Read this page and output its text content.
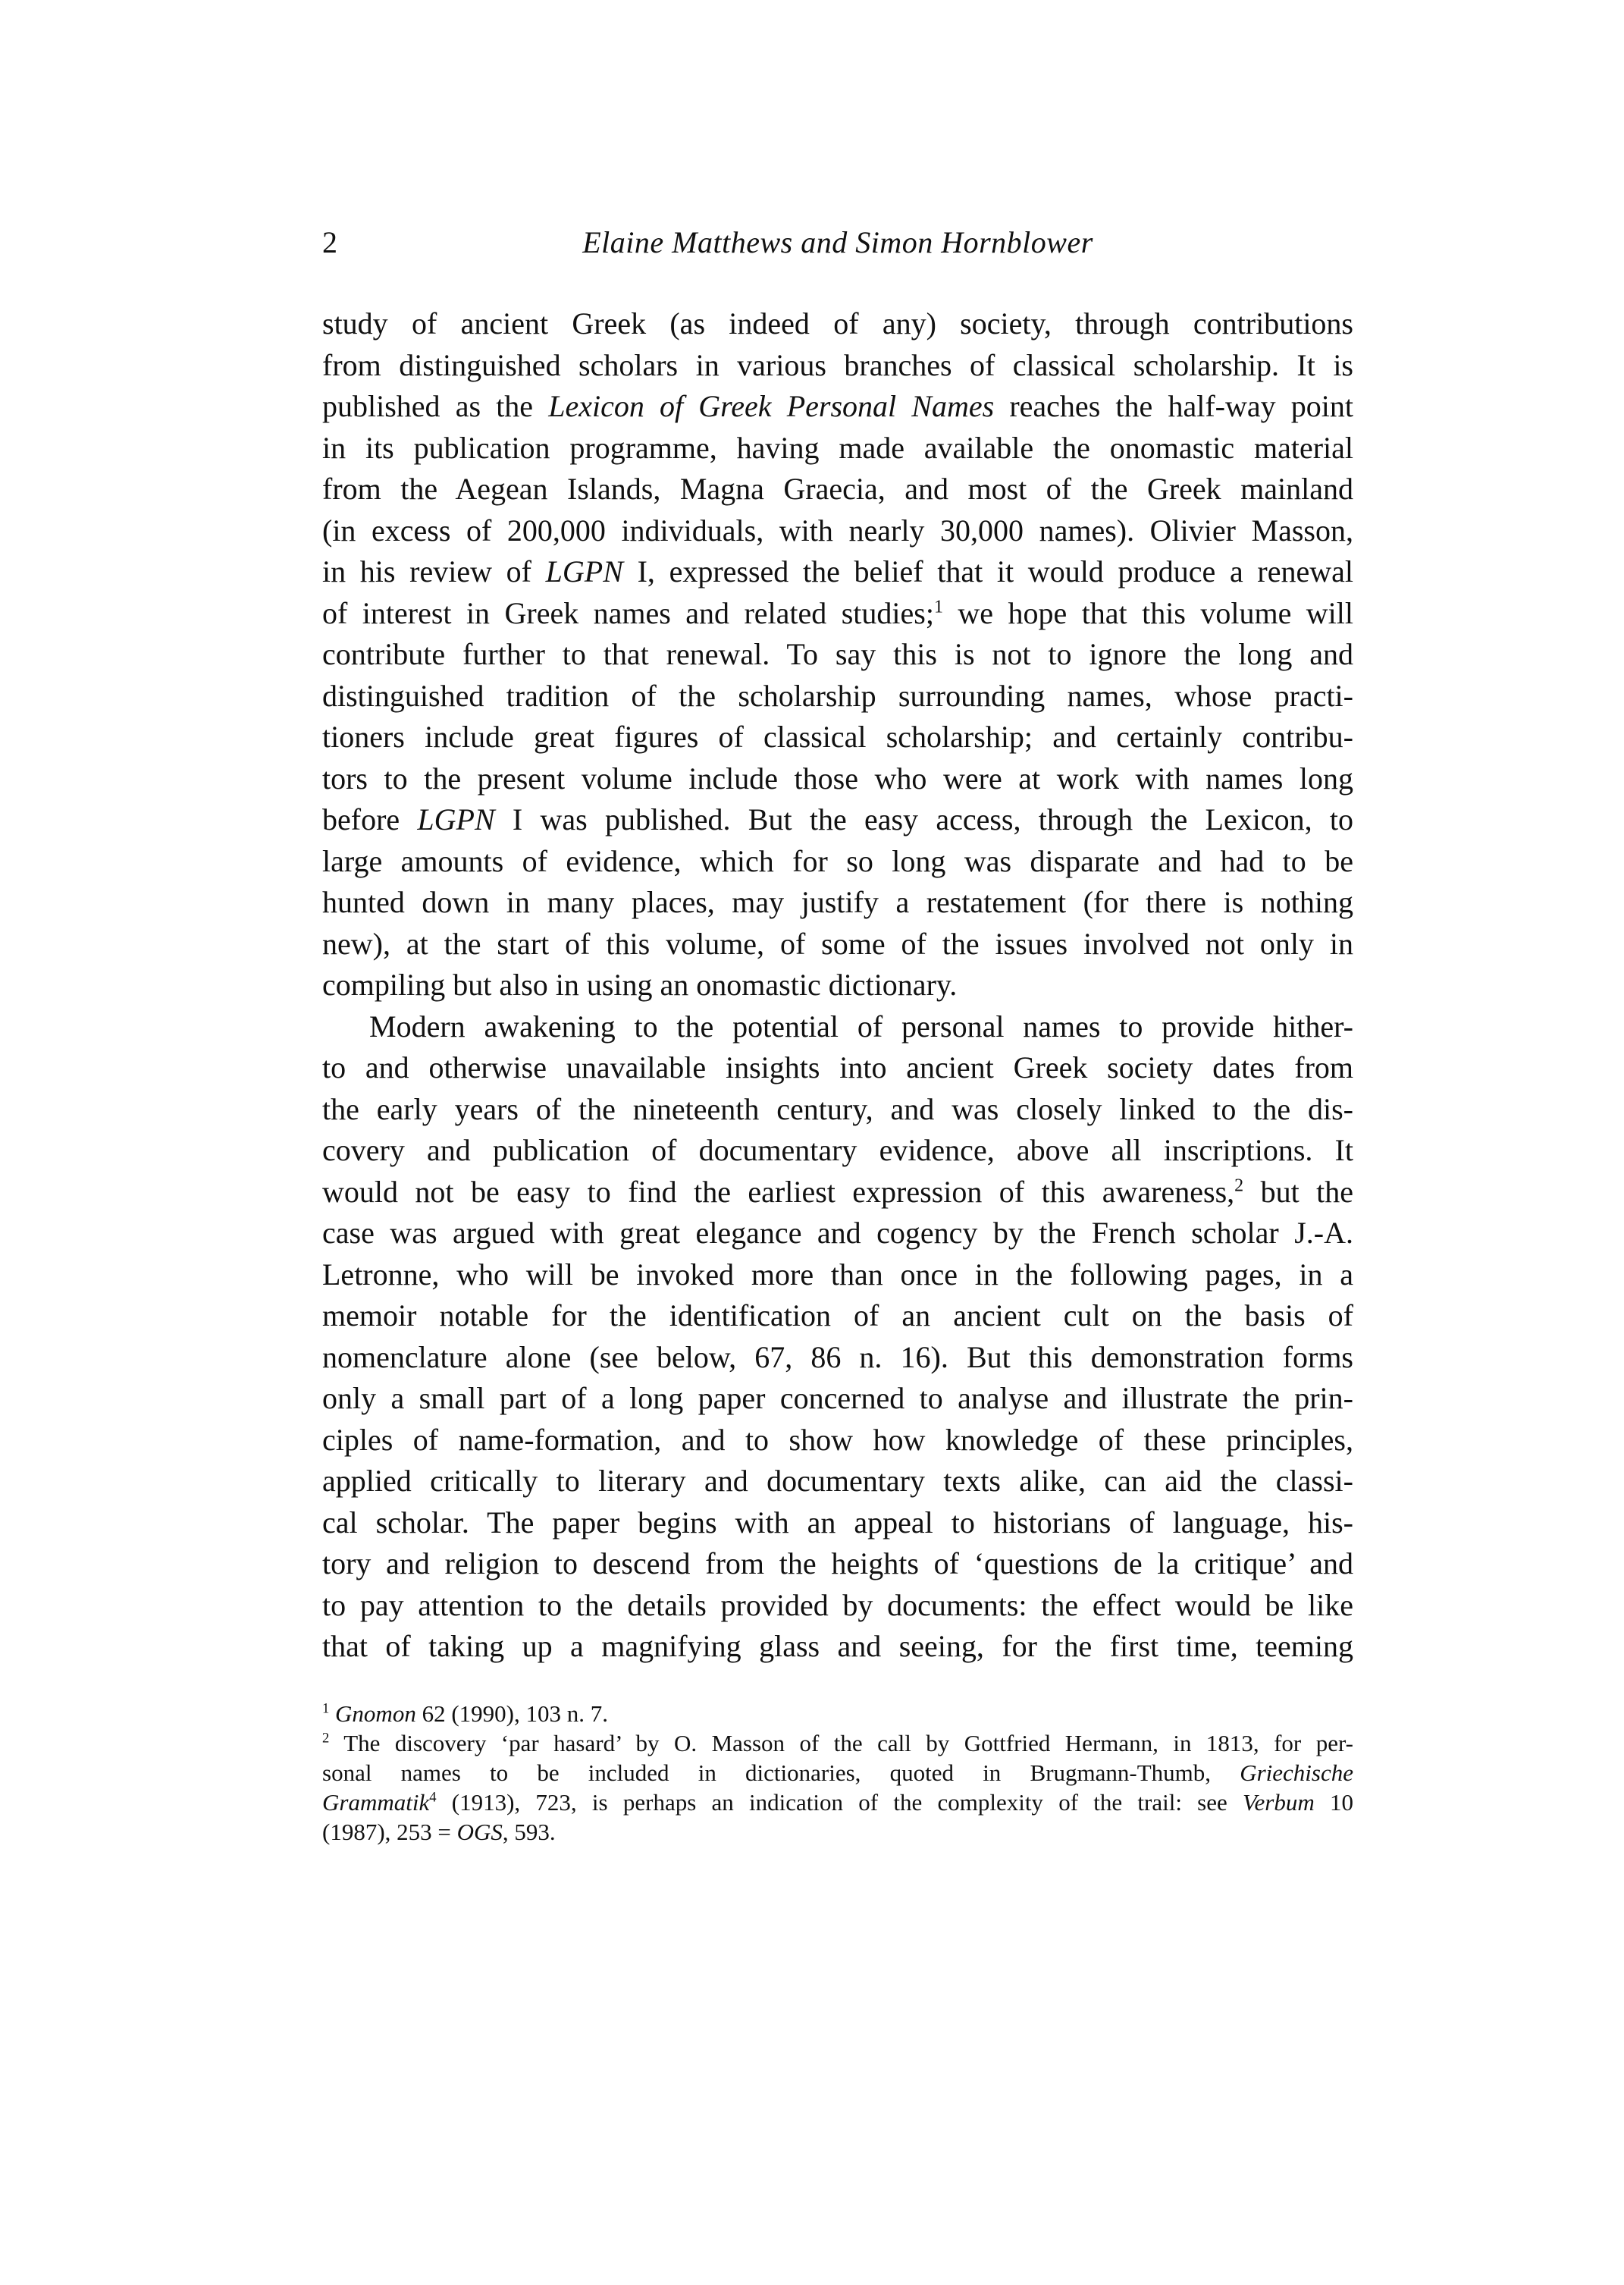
2	Elaine Matthews and Simon Hornblower
study of ancient Greek (as indeed of any) society, through contributions
from distinguished scholars in various branches of classical scholarship. It is
published as the Lexicon of Greek Personal Names reaches the half-way point
in its publication programme, having made available the onomastic material
from the Aegean Islands, Magna Graecia, and most of the Greek mainland
(in excess of 200,000 individuals, with nearly 30,000 names). Olivier Masson,
in his review of LGPN I, expressed the belief that it would produce a renewal
of interest in Greek names and related studies;$^1$ we hope that this volume will
contribute further to that renewal. To say this is not to ignore the long and
distinguished tradition of the scholarship surrounding names, whose practi-
tioners include great figures of classical scholarship; and certainly contribu-
tors to the present volume include those who were at work with names long
before LGPN I was published. But the easy access, through the Lexicon, to
large amounts of evidence, which for so long was disparate and had to be
hunted down in many places, may justify a restatement (for there is nothing
new), at the start of this volume, of some of the issues involved not only in
compiling but also in using an onomastic dictionary.
Modern awakening to the potential of personal names to provide hither-
to and otherwise unavailable insights into ancient Greek society dates from
the early years of the nineteenth century, and was closely linked to the dis-
covery and publication of documentary evidence, above all inscriptions. It
would not be easy to find the earliest expression of this awareness,$^2$ but the
case was argued with great elegance and cogency by the French scholar J.-A.
Letronne, who will be invoked more than once in the following pages, in a
memoir notable for the identification of an ancient cult on the basis of
nomenclature alone (see below, 67, 86 n. 16). But this demonstration forms
only a small part of a long paper concerned to analyse and illustrate the prin-
ciples of name-formation, and to show how knowledge of these principles,
applied critically to literary and documentary texts alike, can aid the classi-
cal scholar. The paper begins with an appeal to historians of language, his-
tory and religion to descend from the heights of ‘questions de la critique’ and
to pay attention to the details provided by documents: the effect would be like
that of taking up a magnifying glass and seeing, for the first time, teeming
$^1$ Gnomon 62 (1990), 103 n. 7.
$^2$ The discovery ‘par hasard’ by O. Masson of the call by Gottfried Hermann, in 1813, for per-
sonal names to be included in dictionaries, quoted in Brugmann-Thumb, Griechische
Grammatik$^4$ (1913), 723, is perhaps an indication of the complexity of the trail: see Verbum 10
(1987), 253 = OGS, 593.
